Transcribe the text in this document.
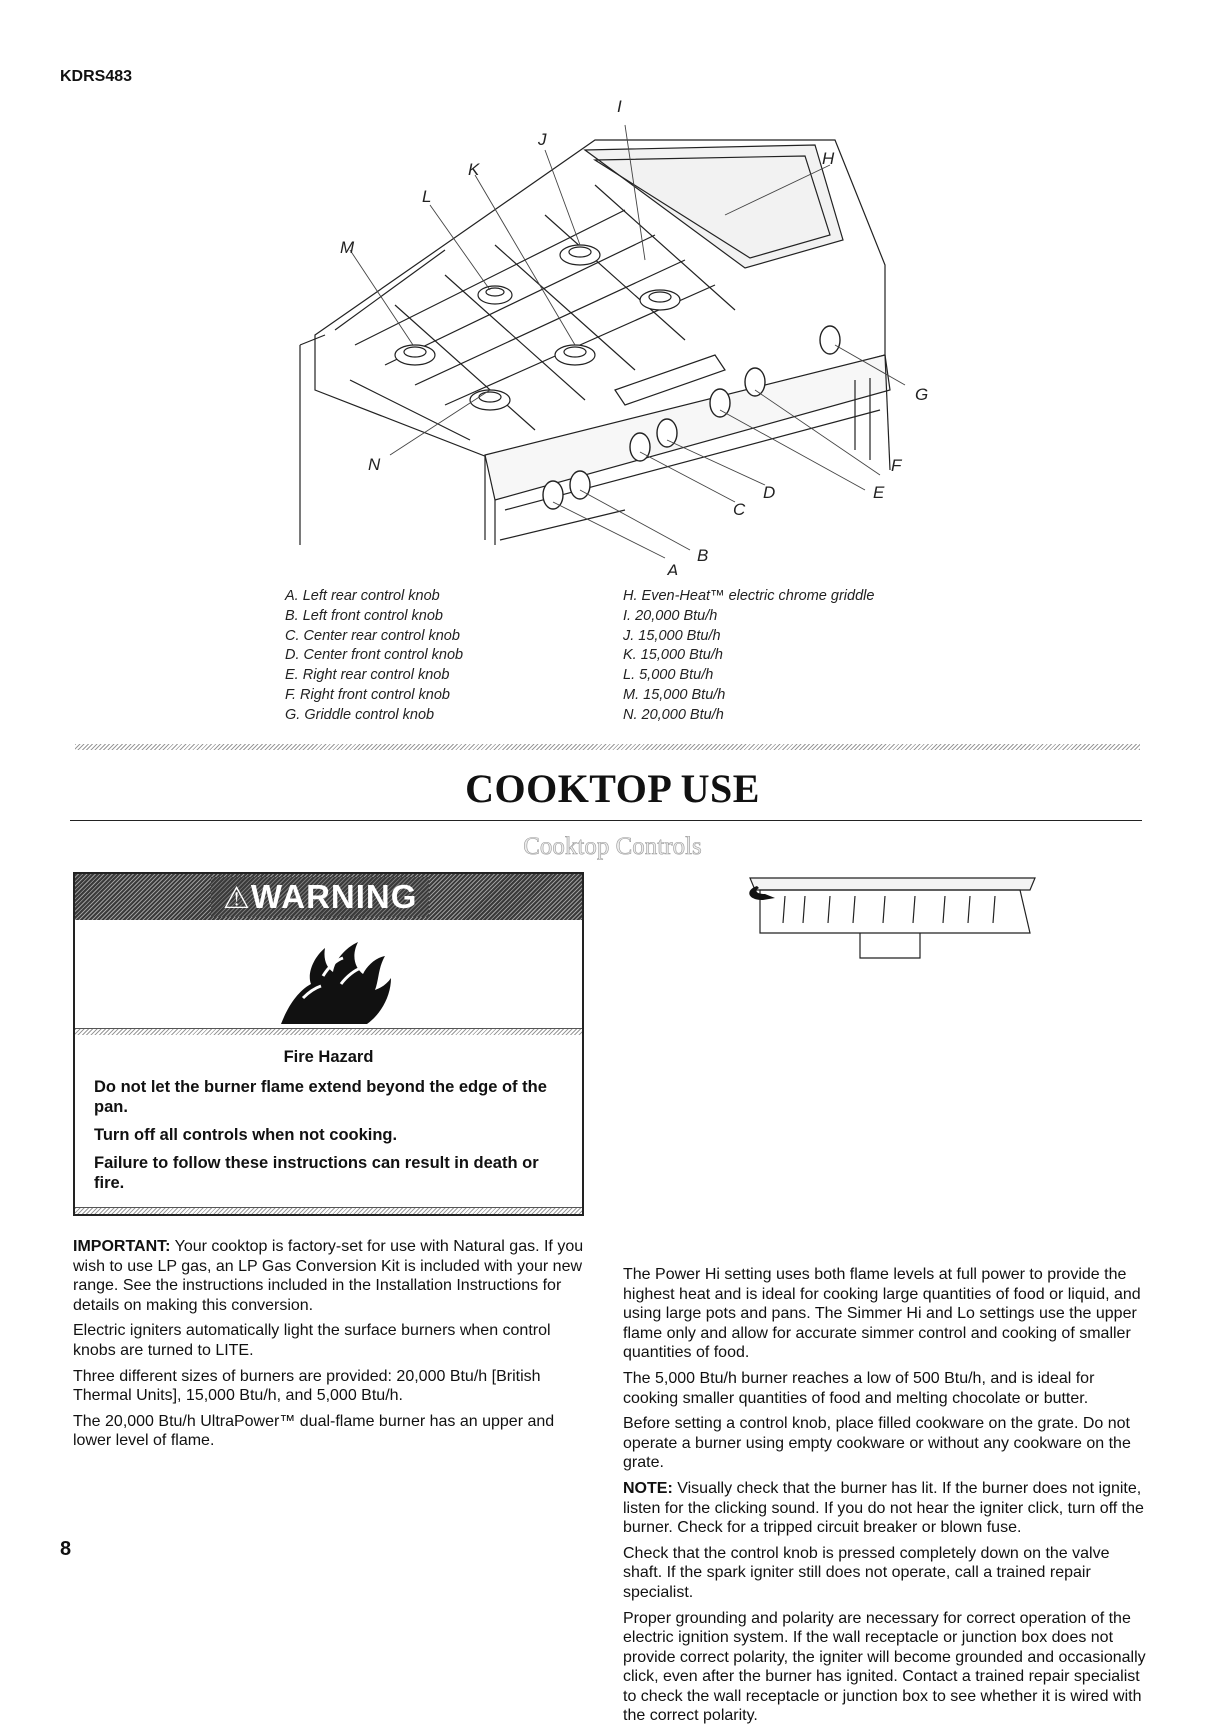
KDRS483
I
J
H
K
L
M
G
N	F
E
D
C
B
A
A. Left rear control knob
B. Left front control knob
C. Center rear control knob
D. Center front control knob
E. Right rear control knob
F. Right front control knob
G. Griddle control knob
H. Even-Heat™ electric chrome griddle
I. 20,000 Btu/h
J. 15,000 Btu/h
K. 15,000 Btu/h
L. 5,000 Btu/h
M. 15,000 Btu/h
N. 20,000 Btu/h
COOKTOP USE
Cooktop Controls
⚠WARNING
Fire Hazard

Do not let the burner flame extend beyond the edge of the pan.

Turn off all controls when not cooking.

Failure to follow these instructions can result in death or fire.

IMPORTANT: Your cooktop is factory-set for use with Natural gas. If you wish to use LP gas, an LP Gas Conversion Kit is included with your new range. See the instructions included in the Installation Instructions for details on making this conversion.

Electric igniters automatically light the surface burners when control knobs are turned to LITE.

Three different sizes of burners are provided: 20,000 Btu/h [British Thermal Units], 15,000 Btu/h, and 5,000 Btu/h.

The 20,000 Btu/h UltraPower™ dual-flame burner has an upper and lower level of flame.

The Power Hi setting uses both flame levels at full power to provide the highest heat and is ideal for cooking large quantities of food or liquid, and using large pots and pans. The Simmer Hi and Lo settings use the upper flame only and allow for accurate simmer control and cooking of smaller quantities of food.

The 5,000 Btu/h burner reaches a low of 500 Btu/h, and is ideal for cooking smaller quantities of food and melting chocolate or butter.

Before setting a control knob, place filled cookware on the grate. Do not operate a burner using empty cookware or without any cookware on the grate.

NOTE: Visually check that the burner has lit. If the burner does not ignite, listen for the clicking sound. If you do not hear the igniter click, turn off the burner. Check for a tripped circuit breaker or blown fuse.

Check that the control knob is pressed completely down on the valve shaft. If the spark igniter still does not operate, call a trained repair specialist.

Proper grounding and polarity are necessary for correct operation of the electric ignition system. If the wall receptacle or junction box does not provide correct polarity, the igniter will become grounded and occasionally click, even after the burner has ignited. Contact a trained repair specialist to check the wall receptacle or junction box to see whether it is wired with the correct polarity.

8
